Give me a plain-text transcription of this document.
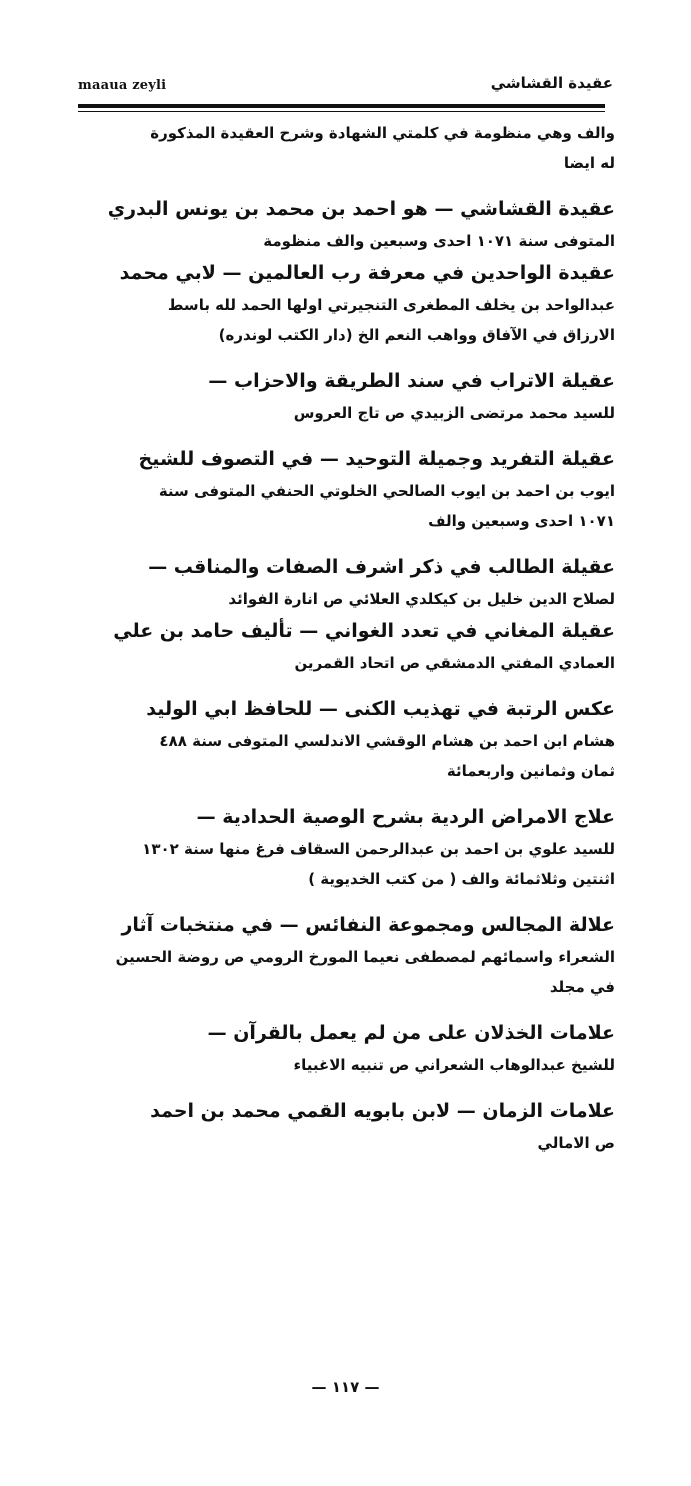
maaua zeyli	عقيدة القشاشي

والف وهي منظومة في كلمتي الشهادة وشرح العقيدة المذكورة

له ايضا

عقيدة القشاشي — هو احمد بن محمد بن يونس البدري

المتوفى سنة ١٠٧١ احدى وسبعين والف منظومة

عقيدة الواحدين في معرفة رب العالمين — لابي محمد

عبدالواحد بن يخلف المطغرى التنجيرتي اولها الحمد لله باسط

الارزاق في الآفاق وواهب النعم الخ (دار الكتب لوندره)

عقيلة الاتراب في سند الطريقة والاحزاب —

للسيد محمد مرتضى الزبيدي ص تاج العروس

عقيلة التفريد وجميلة التوحيد — في التصوف للشيخ

ايوب بن احمد بن ايوب الصالحي الخلوتي الحنفي المتوفى سنة

١٠٧١ احدى وسبعين والف

عقيلة الطالب في ذكر اشرف الصفات والمناقب —

لصلاح الدين خليل بن كيكلدي العلائي ص انارة الفوائد

عقيلة المغاني في تعدد الغواني — تأليف حامد بن علي

العمادي المفتي الدمشقي ص اتحاد القمرين

عكس الرتبة في تهذيب الكنى — للحافظ ابي الوليد

هشام ابن احمد بن هشام الوقشي الاندلسي المتوفى سنة ٤٨٨

ثمان وثمانين واربعمائة

علاج الامراض الردية بشرح الوصية الحدادية —

للسيد علوي بن احمد بن عبدالرحمن السقاف فرغ منها سنة ١٣٠٢

اثنتين وثلاثمائة والف ( من كتب الخديوية )

علالة المجالس ومجموعة النفائس — في منتخبات آثار

الشعراء واسمائهم لمصطفى نعيما المورخ الرومي ص روضة الحسين

في مجلد

علامات الخذلان على من لم يعمل بالقرآن —

للشيخ عبدالوهاب الشعراني ص تنبيه الاغبياء

علامات الزمان — لابن بابويه القمي محمد بن احمد

ص الامالي

— ١١٧ —
